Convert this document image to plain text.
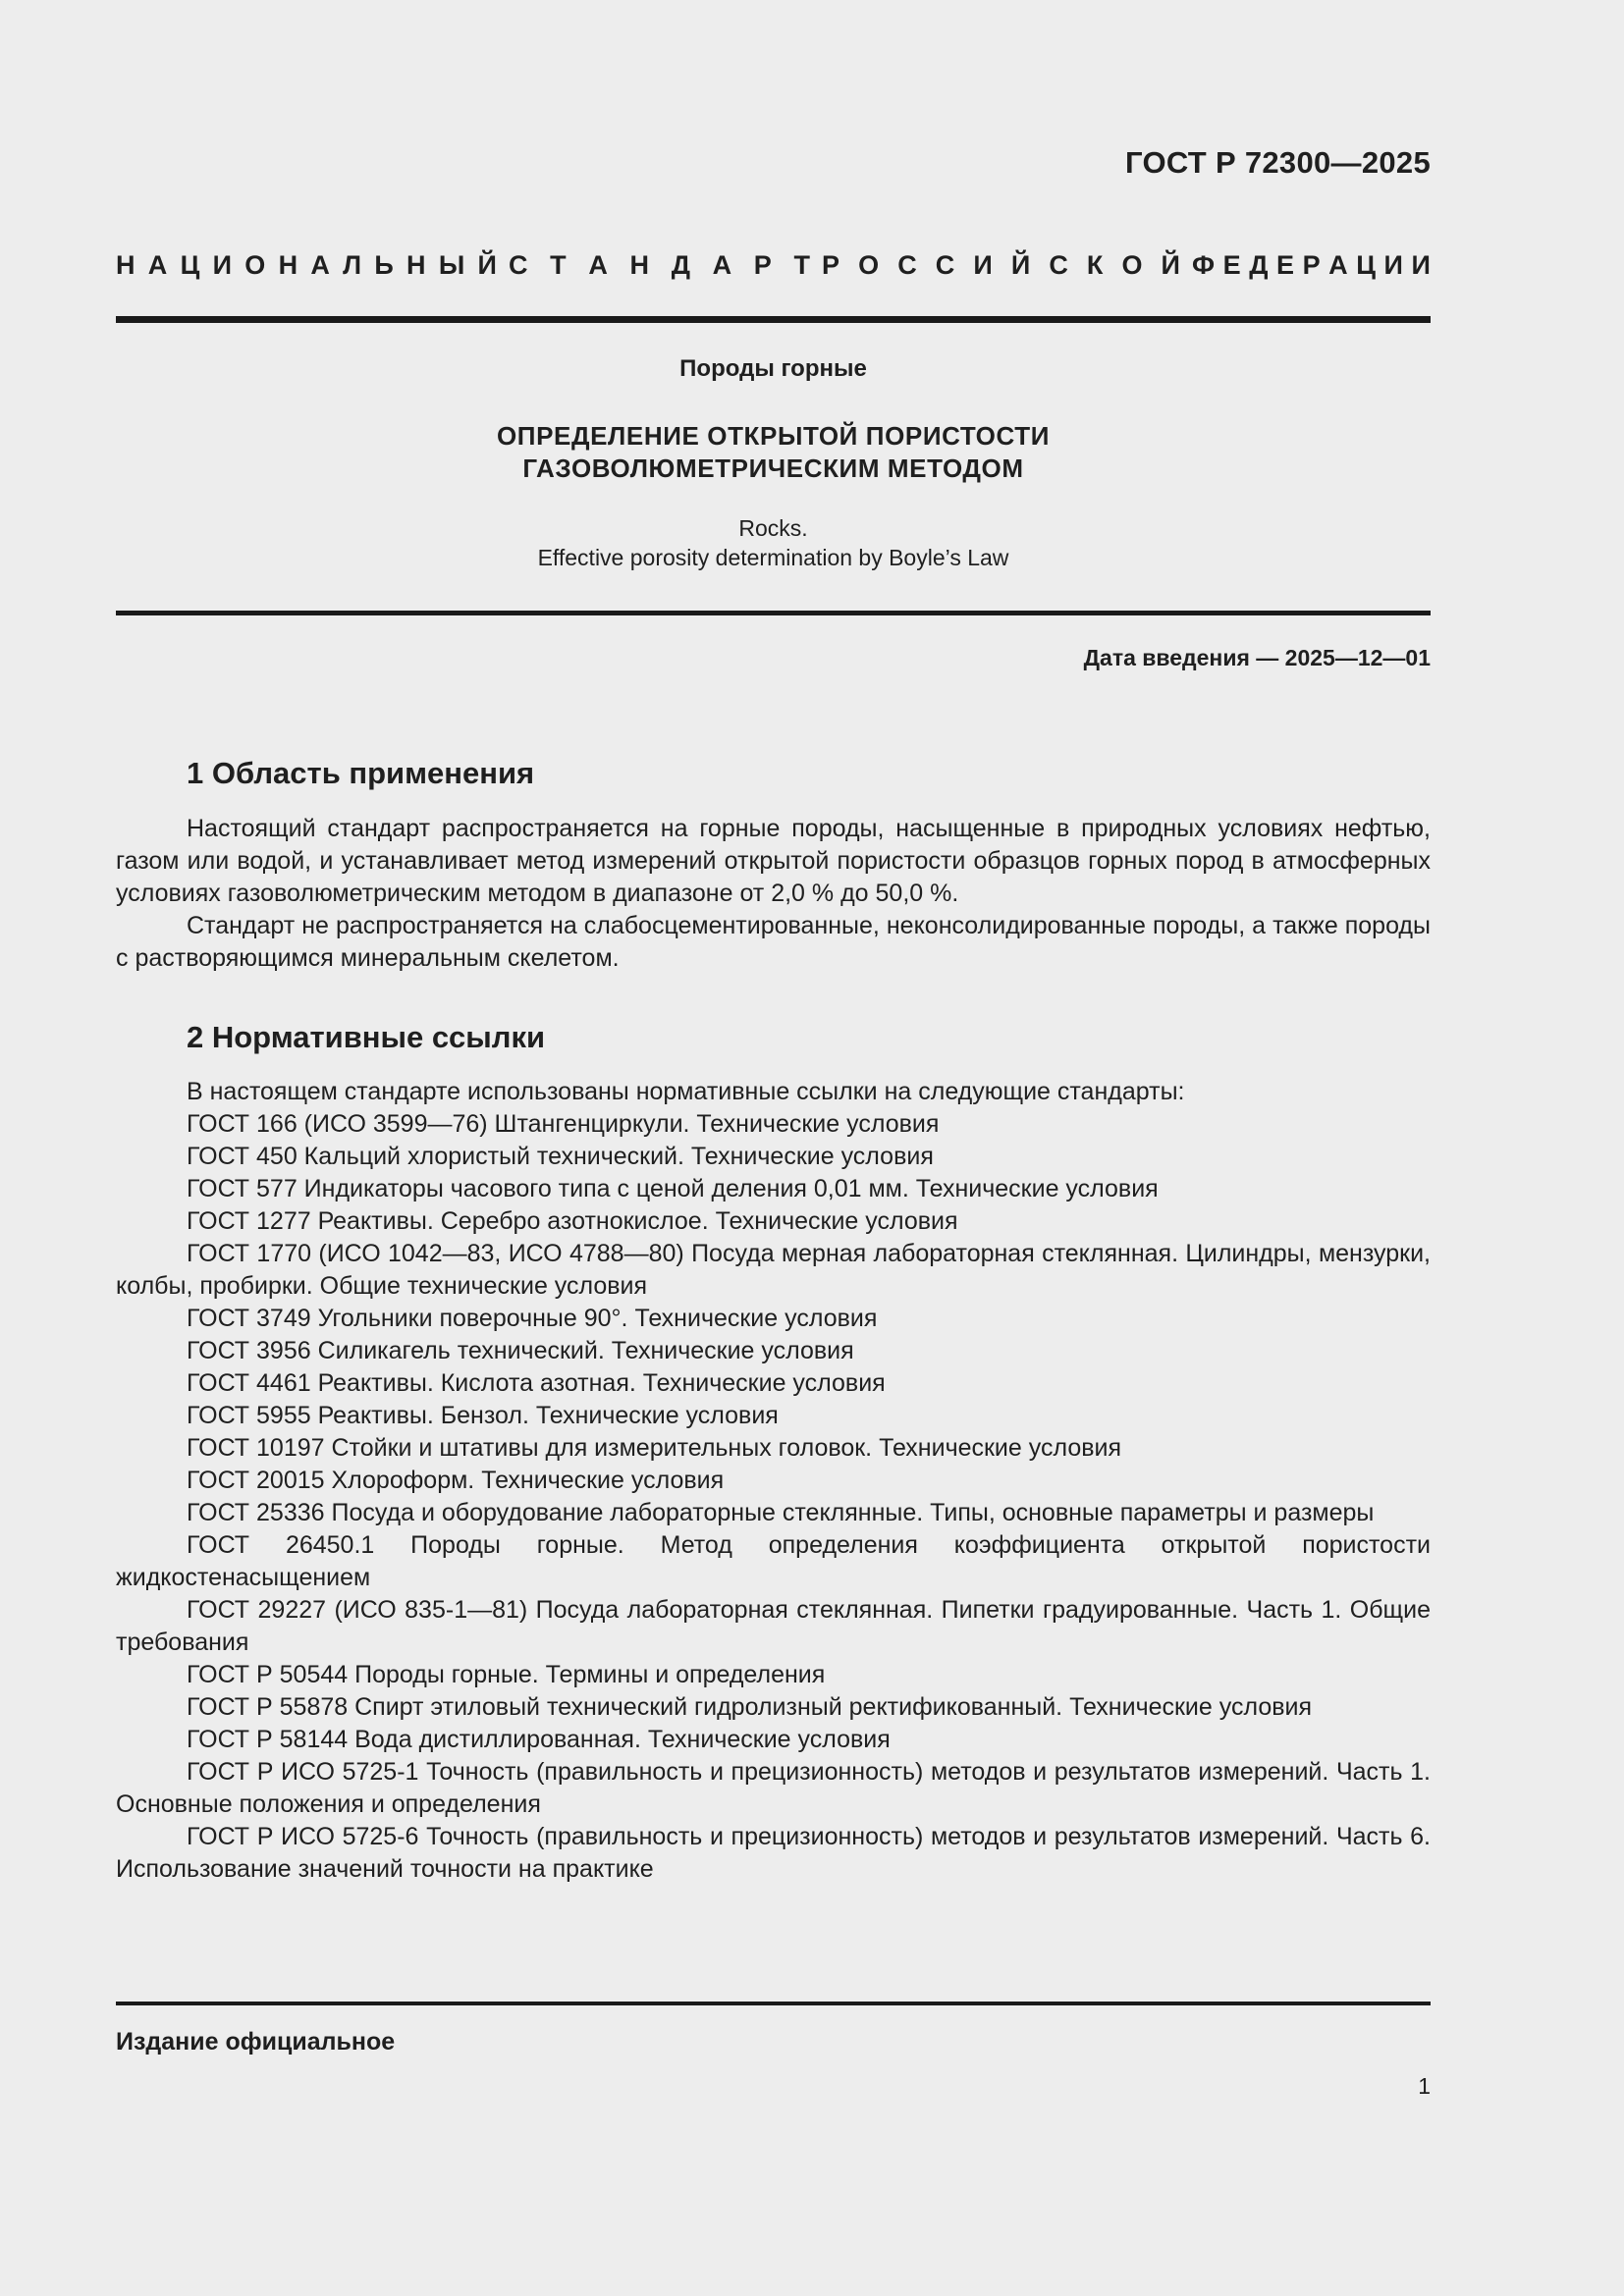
ГОСТ Р 72300—2025
Н А Ц И О Н А Л Ь Н Ы Й С Т А Н Д А Р Т Р О С С И Й С К О Й Ф Е Д Е Р А Ц И И
Породы горные
ОПРЕДЕЛЕНИЕ ОТКРЫТОЙ ПОРИСТОСТИ
ГАЗОВОЛЮМЕТРИЧЕСКИМ МЕТОДОМ
Rocks.
Effective porosity determination by Boyle’s Law
Дата введения — 2025—12—01
1 Область применения

Настоящий стандарт распространяется на горные породы, насыщенные в природных условиях нефтью, газом или водой, и устанавливает метод измерений открытой пористости образцов горных пород в атмосферных условиях газоволюметрическим методом в диапазоне от 2,0 % до 50,0 %.

Стандарт не распространяется на слабосцементированные, неконсолидированные породы, а также породы с растворяющимся минеральным скелетом.

2 Нормативные ссылки

В настоящем стандарте использованы нормативные ссылки на следующие стандарты:

ГОСТ 166 (ИСО 3599—76) Штангенциркули. Технические условия

ГОСТ 450 Кальций хлористый технический. Технические условия

ГОСТ 577 Индикаторы часового типа с ценой деления 0,01 мм. Технические условия

ГОСТ 1277 Реактивы. Серебро азотнокислое. Технические условия

ГОСТ 1770 (ИСО 1042—83, ИСО 4788—80) Посуда мерная лабораторная стеклянная. Цилиндры, мензурки, колбы, пробирки. Общие технические условия

ГОСТ 3749 Угольники поверочные 90°. Технические условия

ГОСТ 3956 Силикагель технический. Технические условия

ГОСТ 4461 Реактивы. Кислота азотная. Технические условия

ГОСТ 5955 Реактивы. Бензол. Технические условия

ГОСТ 10197 Стойки и штативы для измерительных головок. Технические условия

ГОСТ 20015 Хлороформ. Технические условия

ГОСТ 25336 Посуда и оборудование лабораторные стеклянные. Типы, основные параметры и размеры

ГОСТ 26450.1 Породы горные. Метод определения коэффициента открытой пористости жидкостенасыщением

ГОСТ 29227 (ИСО 835-1—81) Посуда лабораторная стеклянная. Пипетки градуированные. Часть 1. Общие требования

ГОСТ Р 50544 Породы горные. Термины и определения

ГОСТ Р 55878 Спирт этиловый технический гидролизный ректификованный. Технические условия

ГОСТ Р 58144 Вода дистиллированная. Технические условия

ГОСТ Р ИСО 5725-1 Точность (правильность и прецизионность) методов и результатов измерений. Часть 1. Основные положения и определения

ГОСТ Р ИСО 5725-6 Точность (правильность и прецизионность) методов и результатов измерений. Часть 6. Использование значений точности на практике

Издание официальное
1
